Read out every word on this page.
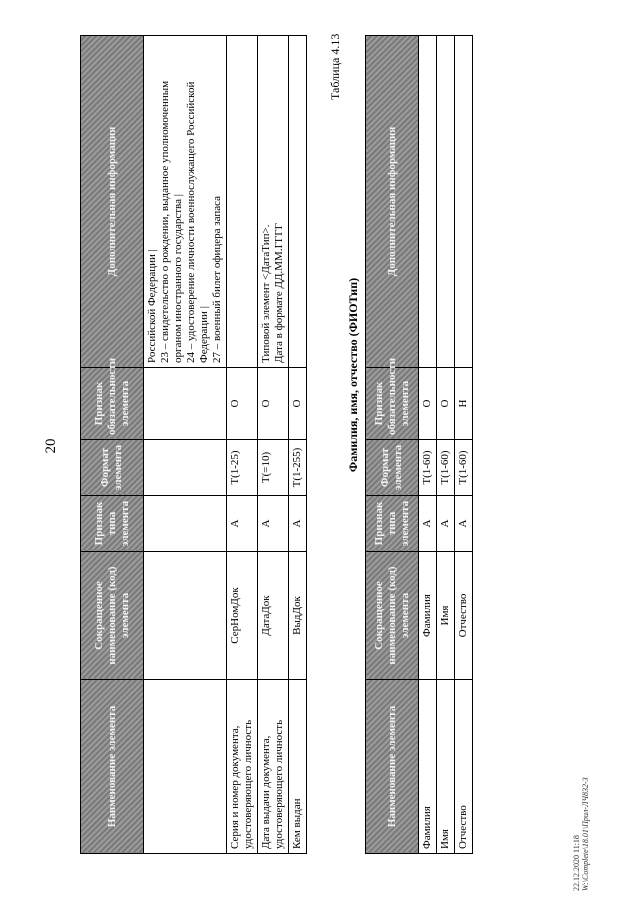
20
Наименование элемента	Сокращенное наименование (код) элемента	Признак типа элемента	Формат элемента	Признак обязательности элемента	Дополнительная информация

					Российской Федерации | 23 – свидетельство о рождении, выданное уполномоченным органом иностранного государства | 24 – удостоверение личности военнослужащего Российской Федерации | 27 – военный билет офицера запаса

Серия и номер документа, удостоверяющего личность	СерНомДок	А	Т(1-25)	О	
Дата выдачи документа, удостоверяющего личность	ДатаДок	А	Т(=10)	О	Типовой элемент <ДатаТип>. Дата в формате ДД.ММ.ГГГГ

Кем выдан	ВыдДок	А	Т(1-255)	О	
Таблица 4.13
Фамилия, имя, отчество (ФИОТип)
Наименование элемента	Сокращенное наименование (код) элемента	Признак типа элемента	Формат элемента	Признак обязательности элемента	Дополнительная информация
Фамилия	Фамилия	А	Т(1-60)	О	
Имя	Имя	А	Т(1-60)	О	
Отчество	Отчество	А	Т(1-60)	Н	
22.12.2020 11:18 W:\Complete\18.01\Прил-ЛЧ832-3
